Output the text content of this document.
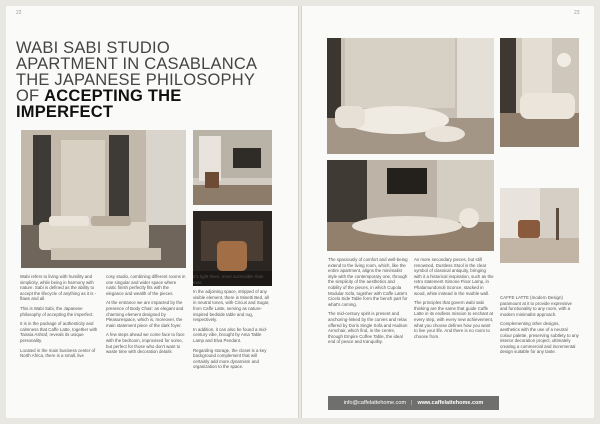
22	23
WABI SABI STUDIO
APARTMENT IN CASABLANCA
THE JAPANESE PHILOSOPHY
OF ACCEPTING THE
IMPERFECT

Wabi refers to living with humility and simplicity, while being in harmony with nature. Sabi is defined as the ability to accept the lifecycle of anything as it is - flaws and all.

This is Wabi Sabi, the Japanese philosophy of accepting the imperfect.

It is in the package of authenticity and calmness that Caffe Latte, together with Taissia Ashraf, reveals its unique personality.

Located in the main business center of North Africa, there is a small, live

cosy studio, combining different rooms in one singular and wider space where rustic finish perfectly fits with the elegance and wealth of the pieces.

At the entrance we are impacted by the presence of Body Chair: an elegant and charming element designed by Pleasurespace, which is, moreover, the main statement piece of the dark foyer.

A few steps ahead we come face to face with the bedroom, improvised for some, but perfect for those who don't want to waste time with decoration details

It's right there, more accessible than ever.

In the adjoining space, stripped of any visible element, there is Minetti Bed, all in neutral tones, with Circus and Sugar, from Caffe Latte, serving as nature-inspired bedside table and rug, respectively.

In addition, it can also be found a mid-century vibe, brought by Ama Table Lamp and Elva Pendant.

Regarding storage, the closet is a key background complement that will certainly add more dynamism and organization to the space.

The spaciously of comfort and well-being extend to the living room, which, like the entire apartment, aligns the minimalist style with the contemporary one, through the simplicity of the aesthetics and nobility of the pieces, in which Cupola Modular Sofa, together with Caffe Latte's Cicelo Side Table form the bench part for what's coming.

The mid-century spirit is present and anchoring-linked by the curves and relax offered by Doris Single Sofa and Hudson Armchair, which find, in the centre, through Empire Coffee Table, the ideal end of peace and tranquility.

As more secondary pieces, but still renowned, Dustless Stool is the clear symbol of classical antiquity, bringing with it a historical inspiration, such as the retro statement Simone Floor Lamp, in Phalamundonoli Sconce, stacked in wood, white instead in the marble wall.

The principles that govern wabi sabi thinking are the same that guide Caffe Latte in its endless mission to enchant at every step, with every new achievement, what you choose defines how you want to live your life. And there is no room to choose from.

CAFFE LATTE (modern Design) paramount at it to provide expressive and functionality to any room, with a modern minimalist approach.

Complementing other designs, aesthetics with the use of a neutral colour palette, preserving subtlety to any interior decoration project, ultimately creating a commercial and incremental design suitable for any taste.

info@caffelattehome.com | www.caffelattehome.com
